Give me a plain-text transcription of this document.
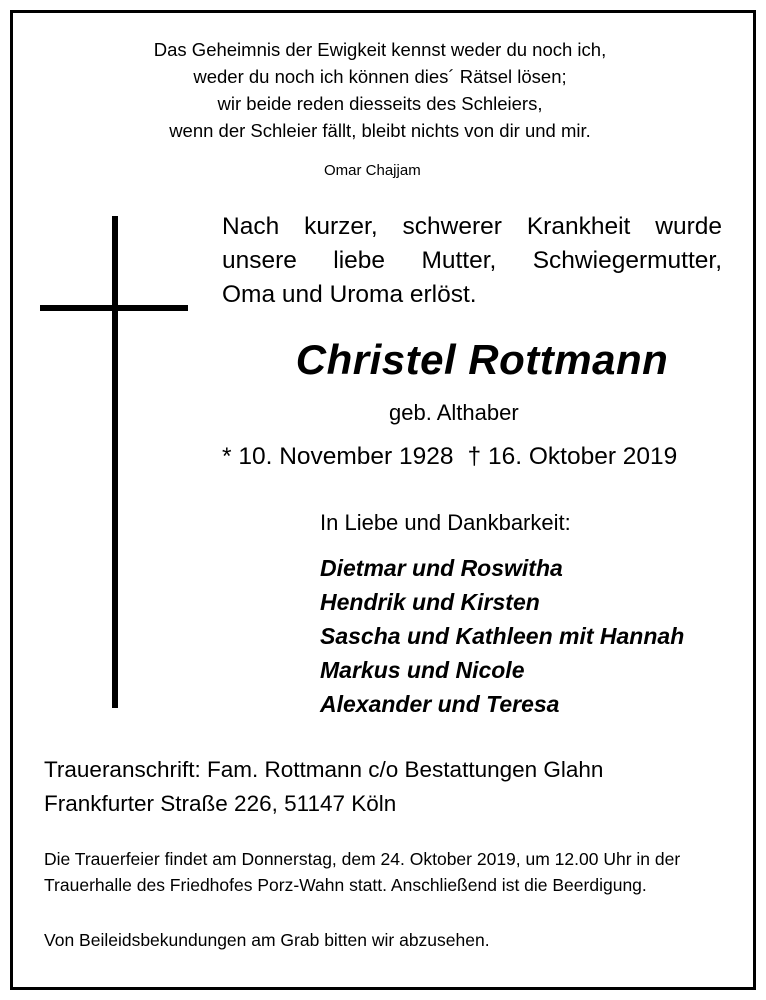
Das Geheimnis der Ewigkeit kennst weder du noch ich,
weder du noch ich können dies´ Rätsel lösen;
wir beide reden diesseits des Schleiers,
wenn der Schleier fällt, bleibt nichts von dir und mir.
Omar Chajjam
Nach kurzer, schwerer Krankheit wurde
unsere liebe Mutter, Schwiegermutter,
Oma und Uroma erlöst.
Christel Rottmann
geb. Althaber
* 10. November 1928 † 16. Oktober 2019
In Liebe und Dankbarkeit:
Dietmar und Roswitha
Hendrik und Kirsten
Sascha und Kathleen mit Hannah
Markus und Nicole
Alexander und Teresa
Traueranschrift: Fam. Rottmann c/o Bestattungen Glahn
Frankfurter Straße 226, 51147 Köln
Die Trauerfeier findet am Donnerstag, dem 24. Oktober 2019, um 12.00 Uhr in der Trauerhalle des Friedhofes Porz-Wahn statt. Anschließend ist die Beerdigung.
Von Beileidsbekundungen am Grab bitten wir abzusehen.
